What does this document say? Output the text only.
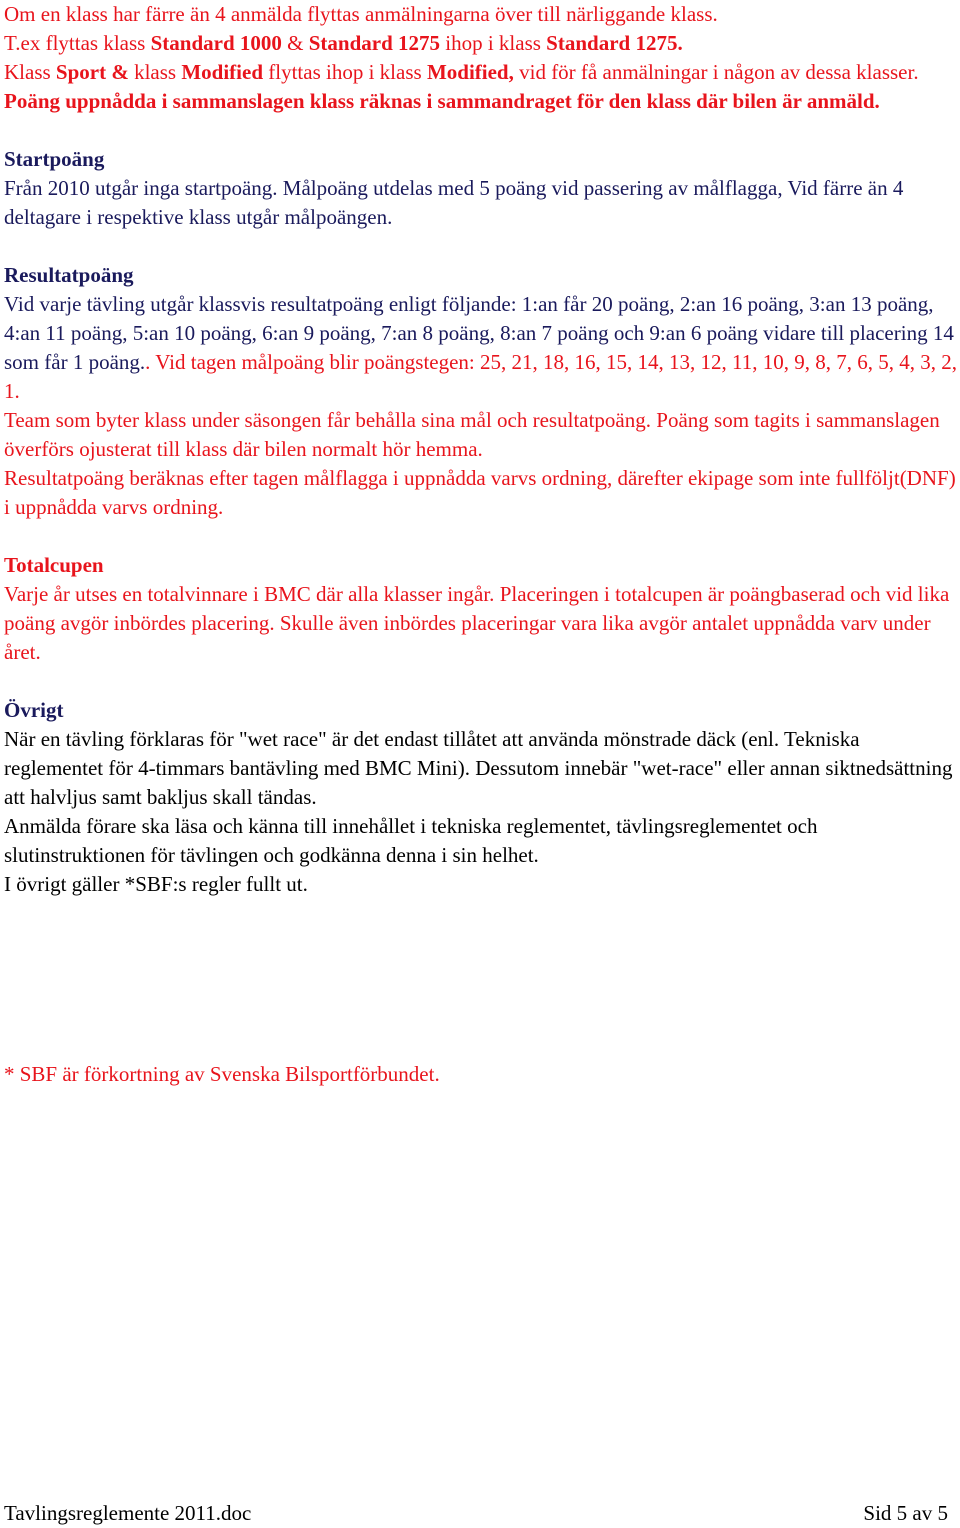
Om en klass har färre än 4 anmälda flyttas anmälningarna över till närliggande klass.

T.ex flyttas klass Standard 1000 & Standard 1275 ihop i klass Standard 1275.

Klass Sport & klass Modified flyttas ihop i klass Modified, vid för få anmälningar i någon av dessa klasser.

Poäng uppnådda i sammanslagen klass räknas i sammandraget för den klass där bilen är anmäld.

Startpoäng

Från 2010 utgår inga startpoäng. Målpoäng utdelas med 5 poäng vid passering av målflagga, Vid färre än 4 deltagare i respektive klass utgår målpoängen.

Resultatpoäng

Vid varje tävling utgår klassvis resultatpoäng enligt följande: 1:an får 20 poäng, 2:an 16 poäng, 3:an 13 poäng, 4:an 11 poäng, 5:an 10 poäng, 6:an 9 poäng, 7:an 8 poäng, 8:an 7 poäng och 9:an 6 poäng vidare till placering 14 som får 1 poäng.. Vid tagen målpoäng blir poängstegen: 25, 21, 18, 16, 15, 14, 13, 12, 11, 10, 9, 8, 7, 6, 5, 4, 3, 2, 1.

Team som byter klass under säsongen får behålla sina mål och resultatpoäng. Poäng som tagits i sammanslagen överförs ojusterat till klass där bilen normalt hör hemma.

Resultatpoäng beräknas efter tagen målflagga i uppnådda varvs ordning, därefter ekipage som inte fullföljt(DNF) i uppnådda varvs ordning.

Totalcupen

Varje år utses en totalvinnare i BMC där alla klasser ingår. Placeringen i totalcupen är poängbaserad och vid lika poäng avgör inbördes placering. Skulle även inbördes placeringar vara lika avgör antalet uppnådda varv under året.

Övrigt

När en tävling förklaras för "wet race" är det endast tillåtet att använda mönstrade däck (enl. Tekniska reglementet för 4-timmars bantävling med BMC Mini). Dessutom innebär "wet-race" eller annan siktnedsättning att halvljus samt bakljus skall tändas.

Anmälda förare ska läsa och känna till innehållet i tekniska reglementet, tävlingsreglementet och slutinstruktionen för tävlingen och godkänna denna i sin helhet.

I övrigt gäller *SBF:s regler fullt ut.

* SBF är förkortning av Svenska Bilsportförbundet.

Tavlingsreglemente 2011.doc	Sid 5 av 5
